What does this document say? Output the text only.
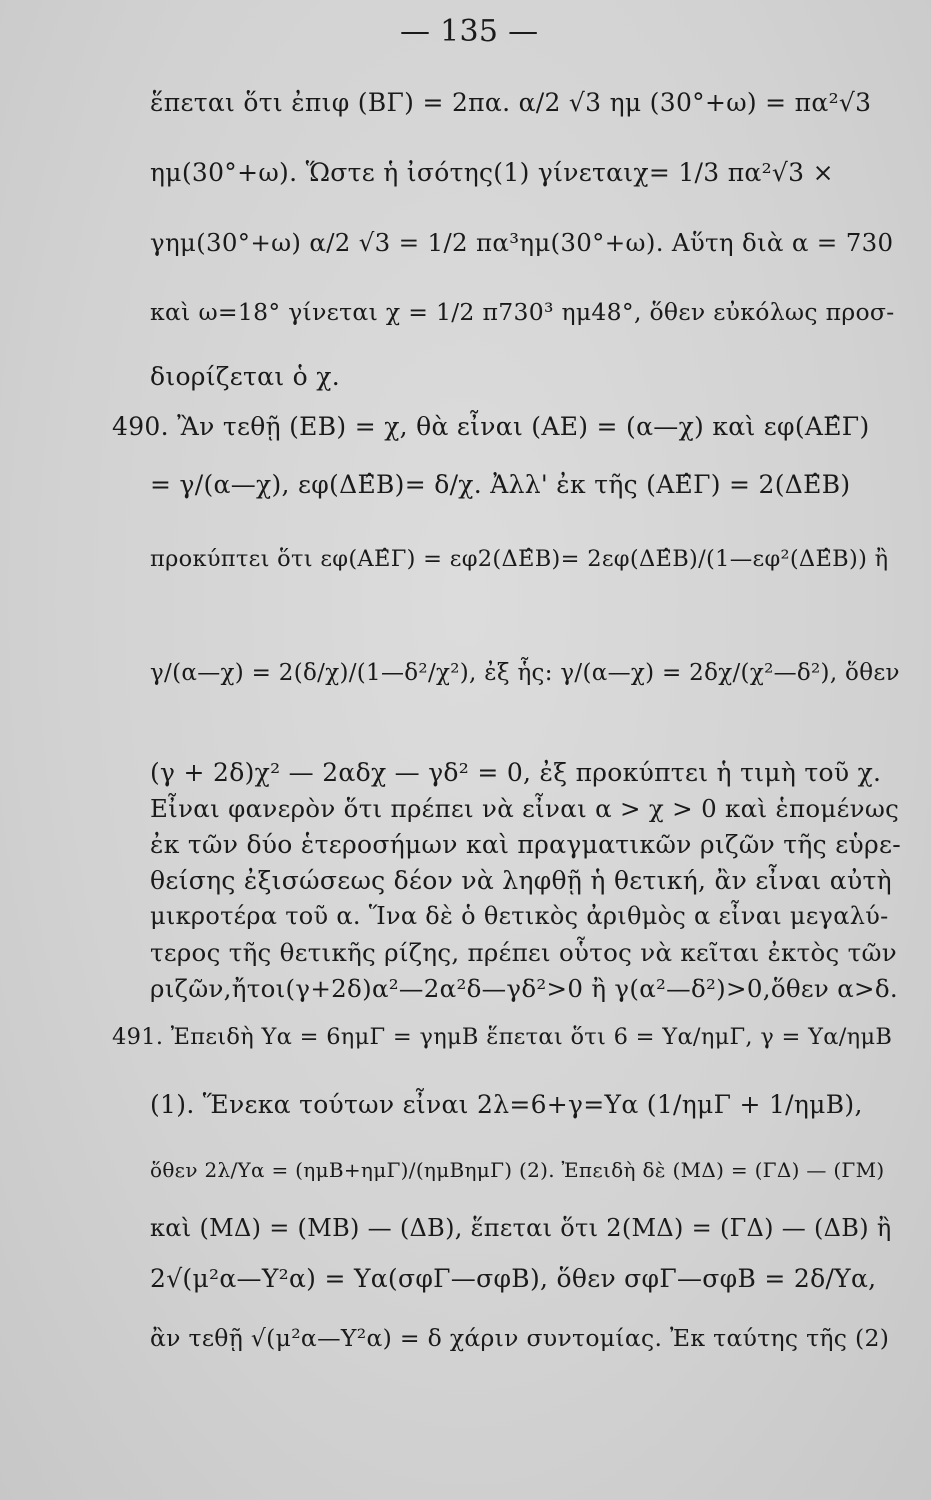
— 135 —
ἕπεται ὅτι ἐπιφ (ΒΓ) = 2πα. α/2 √3 ημ (30°+ω) = πα²√3
ημ(30°+ω). Ὥστε ἡ ἰσότης(1) γίνεταιχ= 1/3 πα²√3 ×
γημ(30°+ω) α/2 √3 = 1/2 πα³ημ(30°+ω). Αὕτη διὰ α = 730
καὶ ω=18° γίνεται χ = 1/2 π730³ ημ48°, ὅθεν εὐκόλως προσ-
διορίζεται ὁ χ.
490. Ἂν τεθῇ (ΕΒ) = χ, θὰ εἶναι (ΑΕ) = (α—χ) καὶ εφ(ΑΕ̂Γ)
= γ/(α—χ), εφ(ΔΕ̂Β)= δ/χ. Ἀλλ' ἐκ τῆς (ΑΕ̂Γ) = 2(ΔΕ̂Β)
προκύπτει ὅτι εφ(ΑΕ̂Γ) = εφ2(ΔΕ̂Β)= 2εφ(ΔΕ̂Β)/(1—εφ²(ΔΕ̂Β)) ἢ
γ/(α—χ) = 2(δ/χ)/(1—δ²/χ²), ἐξ ἧς: γ/(α—χ) = 2δχ/(χ²—δ²), ὅθεν
(γ + 2δ)χ² — 2αδχ — γδ² = 0, ἐξ προκύπτει ἡ τιμὴ τοῦ χ.
Εἶναι φανερὸν ὅτι πρέπει νὰ εἶναι α > χ > 0 καὶ ἑπομένως
ἐκ τῶν δύο ἑτεροσήμων καὶ πραγματικῶν ριζῶν τῆς εὑρε-
θείσης ἐξισώσεως δέον νὰ ληφθῇ ἡ θετική, ἂν εἶναι αὐτὴ
μικροτέρα τοῦ α. Ἵνα δὲ ὁ θετικὸς ἀριθμὸς α εἶναι μεγαλύ-
τερος τῆς θετικῆς ρίζης, πρέπει οὗτος νὰ κεῖται ἐκτὸς τῶν
ριζῶν,ἤτοι(γ+2δ)α²—2α²δ—γδ²>0 ἢ γ(α²—δ²)>0,ὅθεν α>δ.
491. Ἐπειδὴ Υα = 6ημΓ = γημΒ ἕπεται ὅτι 6 = Υα/ημΓ, γ = Υα/ημΒ
(1). Ἕνεκα τούτων εἶναι 2λ=6+γ=Υα (1/ημΓ + 1/ημΒ),
ὅθεν 2λ/Υα = (ημΒ+ημΓ)/(ημΒημΓ) (2). Ἐπειδὴ δὲ (ΜΔ) = (ΓΔ) — (ΓΜ)
καὶ (ΜΔ) = (ΜΒ) — (ΔΒ), ἕπεται ὅτι 2(ΜΔ) = (ΓΔ) — (ΔΒ) ἢ
2√(μ²α—Υ²α) = Υα(σφΓ—σφΒ), ὅθεν σφΓ—σφΒ = 2δ/Υα,
ἂν τεθῇ √(μ²α—Υ²α) = δ χάριν συντομίας. Ἐκ ταύτης τῆς (2)
